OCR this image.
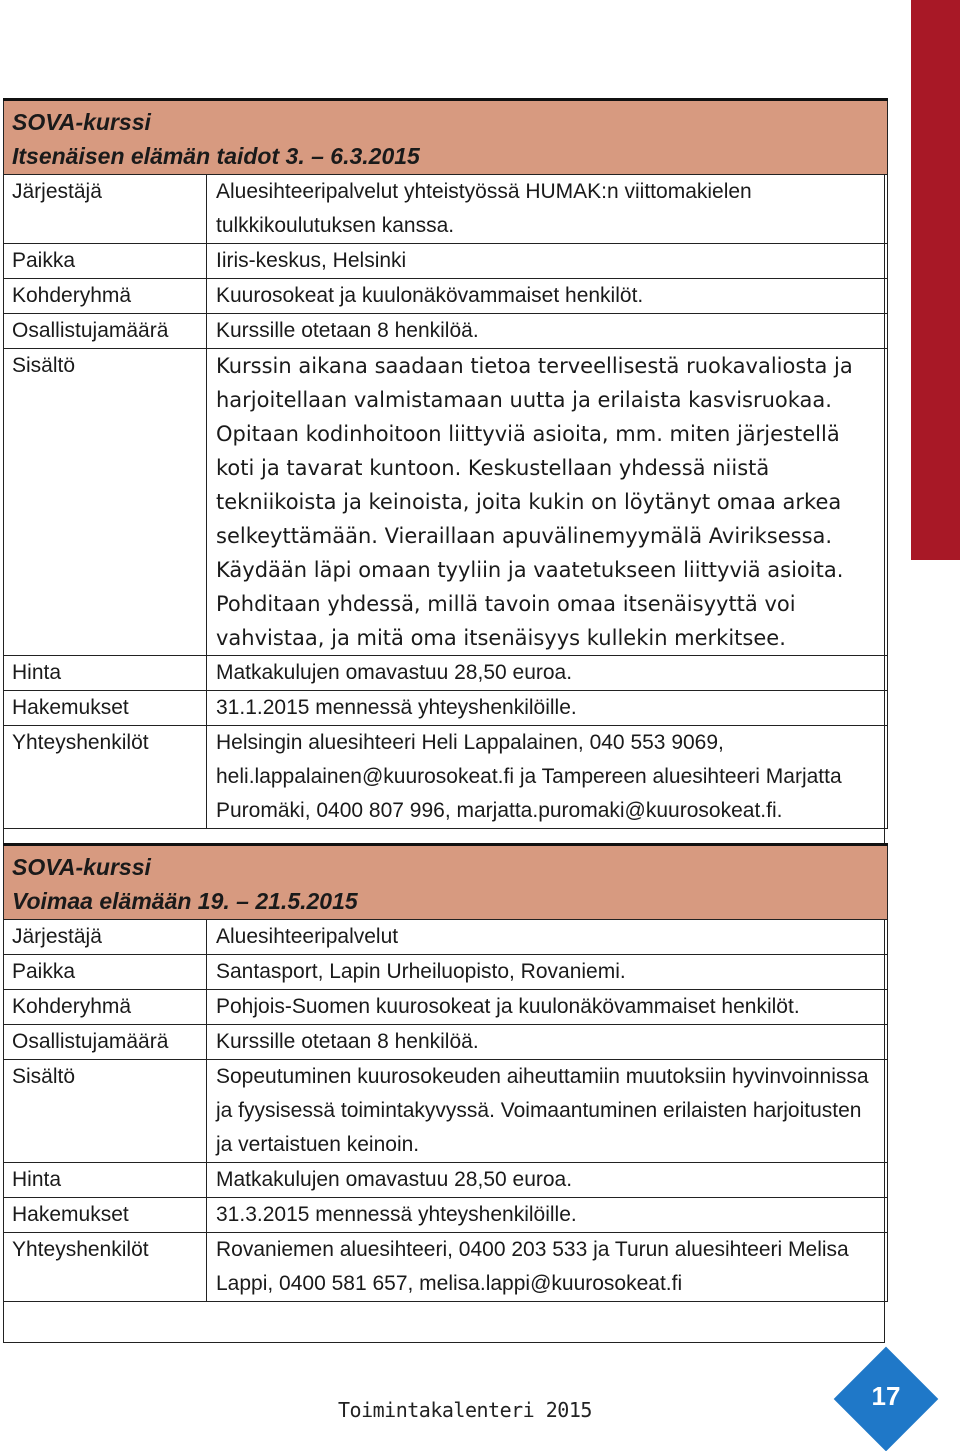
SOVA-kurssi
Itsenäisen elämän taidot 3. – 6.3.2015	

Järjestäjä	Aluesihteeripalvelut yhteistyössä HUMAK:n viittomakielen tulkkikoulutuksen kanssa.
Paikka	Iiris-keskus, Helsinki
Kohderyhmä	Kuurosokeat ja kuulonäkövammaiset henkilöt.
Osallistujamäärä	Kurssille otetaan 8 henkilöä.
Sisältö	Kurssin aikana saadaan tietoa terveellisestä ruokavaliosta ja harjoitellaan valmistamaan uutta ja erilaista kasvisruokaa. Opitaan kodinhoitoon liittyviä asioita, mm. miten järjestellä koti ja tavarat kuntoon. Keskustellaan yhdessä niistä tekniikoista ja keinoista, joita kukin on löytänyt omaa arkea selkeyttämään. Vieraillaan apuvälinemyymälä Aviriksessa. Käydään läpi omaan tyyliin ja vaatetukseen liittyviä asioita. Pohditaan yhdessä, millä tavoin omaa itsenäisyyttä voi vahvistaa, ja mitä oma itsenäisyys kullekin merkitsee.
Hinta	Matkakulujen omavastuu 28,50 euroa.
Hakemukset	31.1.2015 mennessä yhteyshenkilöille.
Yhteyshenkilöt	Helsingin aluesihteeri Heli Lappalainen, 040 553 9069, heli.lappalainen@kuurosokeat.fi ja Tampereen aluesihteeri Marjatta Puromäki, 0400 807 996, marjatta.puromaki@kuurosokeat.fi.
SOVA-kurssi
Voimaa elämään 19. – 21.5.2015	

Järjestäjä	Aluesihteeripalvelut
Paikka	Santasport, Lapin Urheiluopisto, Rovaniemi.
Kohderyhmä	Pohjois-Suomen kuurosokeat ja kuulonäkövammaiset henkilöt.
Osallistujamäärä	Kurssille otetaan 8 henkilöä.
Sisältö	Sopeutuminen kuurosokeuden aiheuttamiin muutoksiin hyvinvoinnissa ja fyysisessä toimintakyvyssä. Voimaantuminen erilaisten harjoitusten ja vertaistuen keinoin.
Hinta	Matkakulujen omavastuu 28,50 euroa.
Hakemukset	31.3.2015 mennessä yhteyshenkilöille.
Yhteyshenkilöt	Rovaniemen aluesihteeri, 0400 203 533 ja Turun aluesihteeri Melisa Lappi, 0400 581 657, melisa.lappi@kuurosokeat.fi
Toimintakalenteri 2015	17
